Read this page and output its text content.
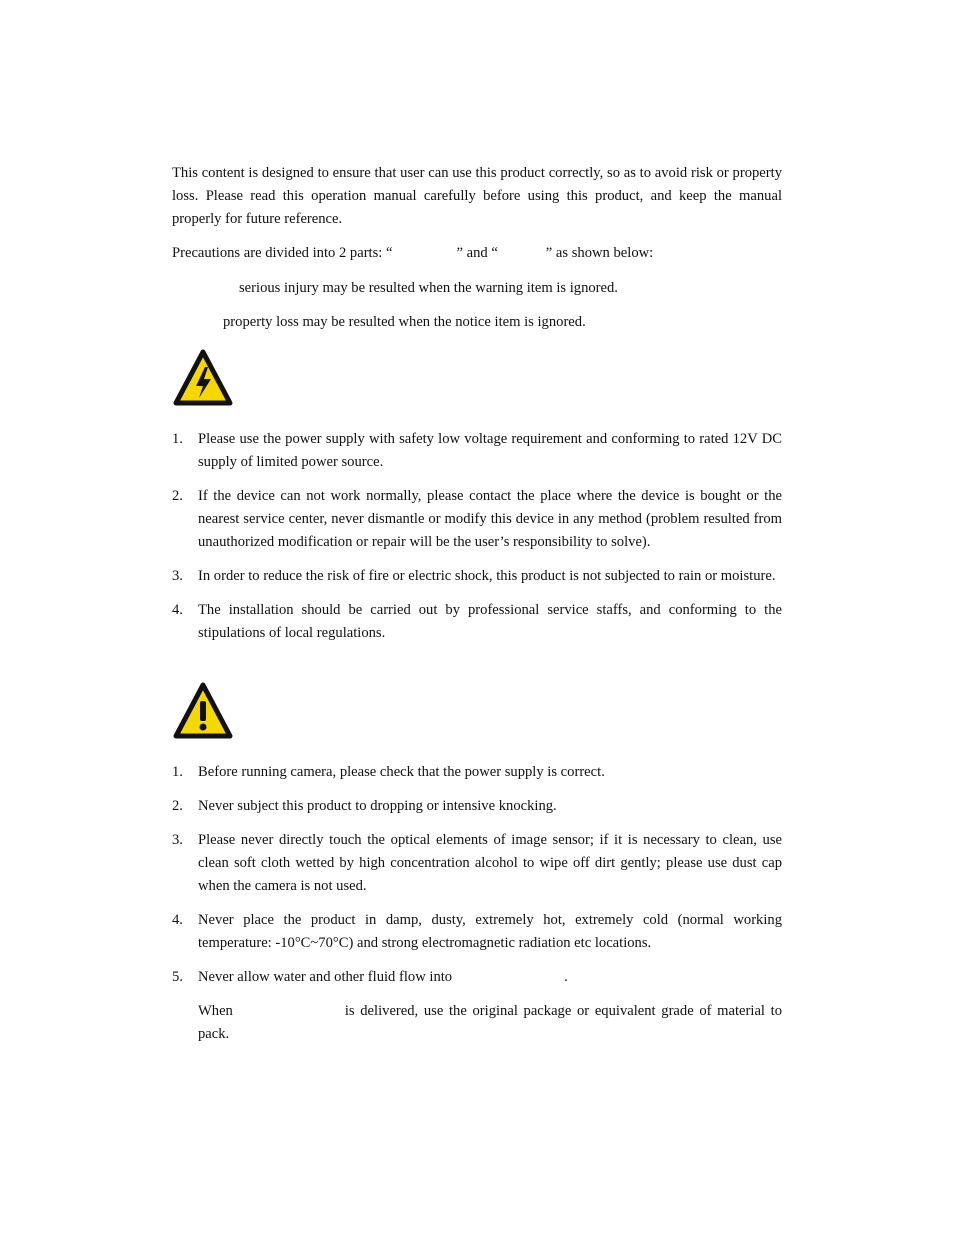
This content is designed to ensure that user can use this product correctly, so as to avoid risk or property loss. Please read this operation manual carefully before using this product, and keep the manual properly for future reference.

Precautions are divided into 2 parts: “	” and “	” as shown below:

serious injury may be resulted when the warning item is ignored.

property loss may be resulted when the notice item is ignored.

1. Please use the power supply with safety low voltage requirement and conforming to rated 12V DC supply of limited power source.
2. If the device can not work normally, please contact the place where the device is bought or the nearest service center, never dismantle or modify this device in any method (problem resulted from unauthorized modification or repair will be the user’s responsibility to solve).
3. In order to reduce the risk of fire or electric shock, this product is not subjected to rain or moisture.
4. The installation should be carried out by professional service staffs, and conforming to the stipulations of local regulations.
1. Before running camera, please check that the power supply is correct.
2. Never subject this product to dropping or intensive knocking.
3. Please never directly touch the optical elements of image sensor; if it is necessary to clean, use clean soft cloth wetted by high concentration alcohol to wipe off dirt gently; please use dust cap when the camera is not used.
4. Never place the product in damp, dusty, extremely hot, extremely cold (normal working temperature: -10°C~70°C) and strong electromagnetic radiation etc locations.
5. Never allow water and other fluid flow into	.

When	is delivered, use the original package or equivalent grade of material to pack.
